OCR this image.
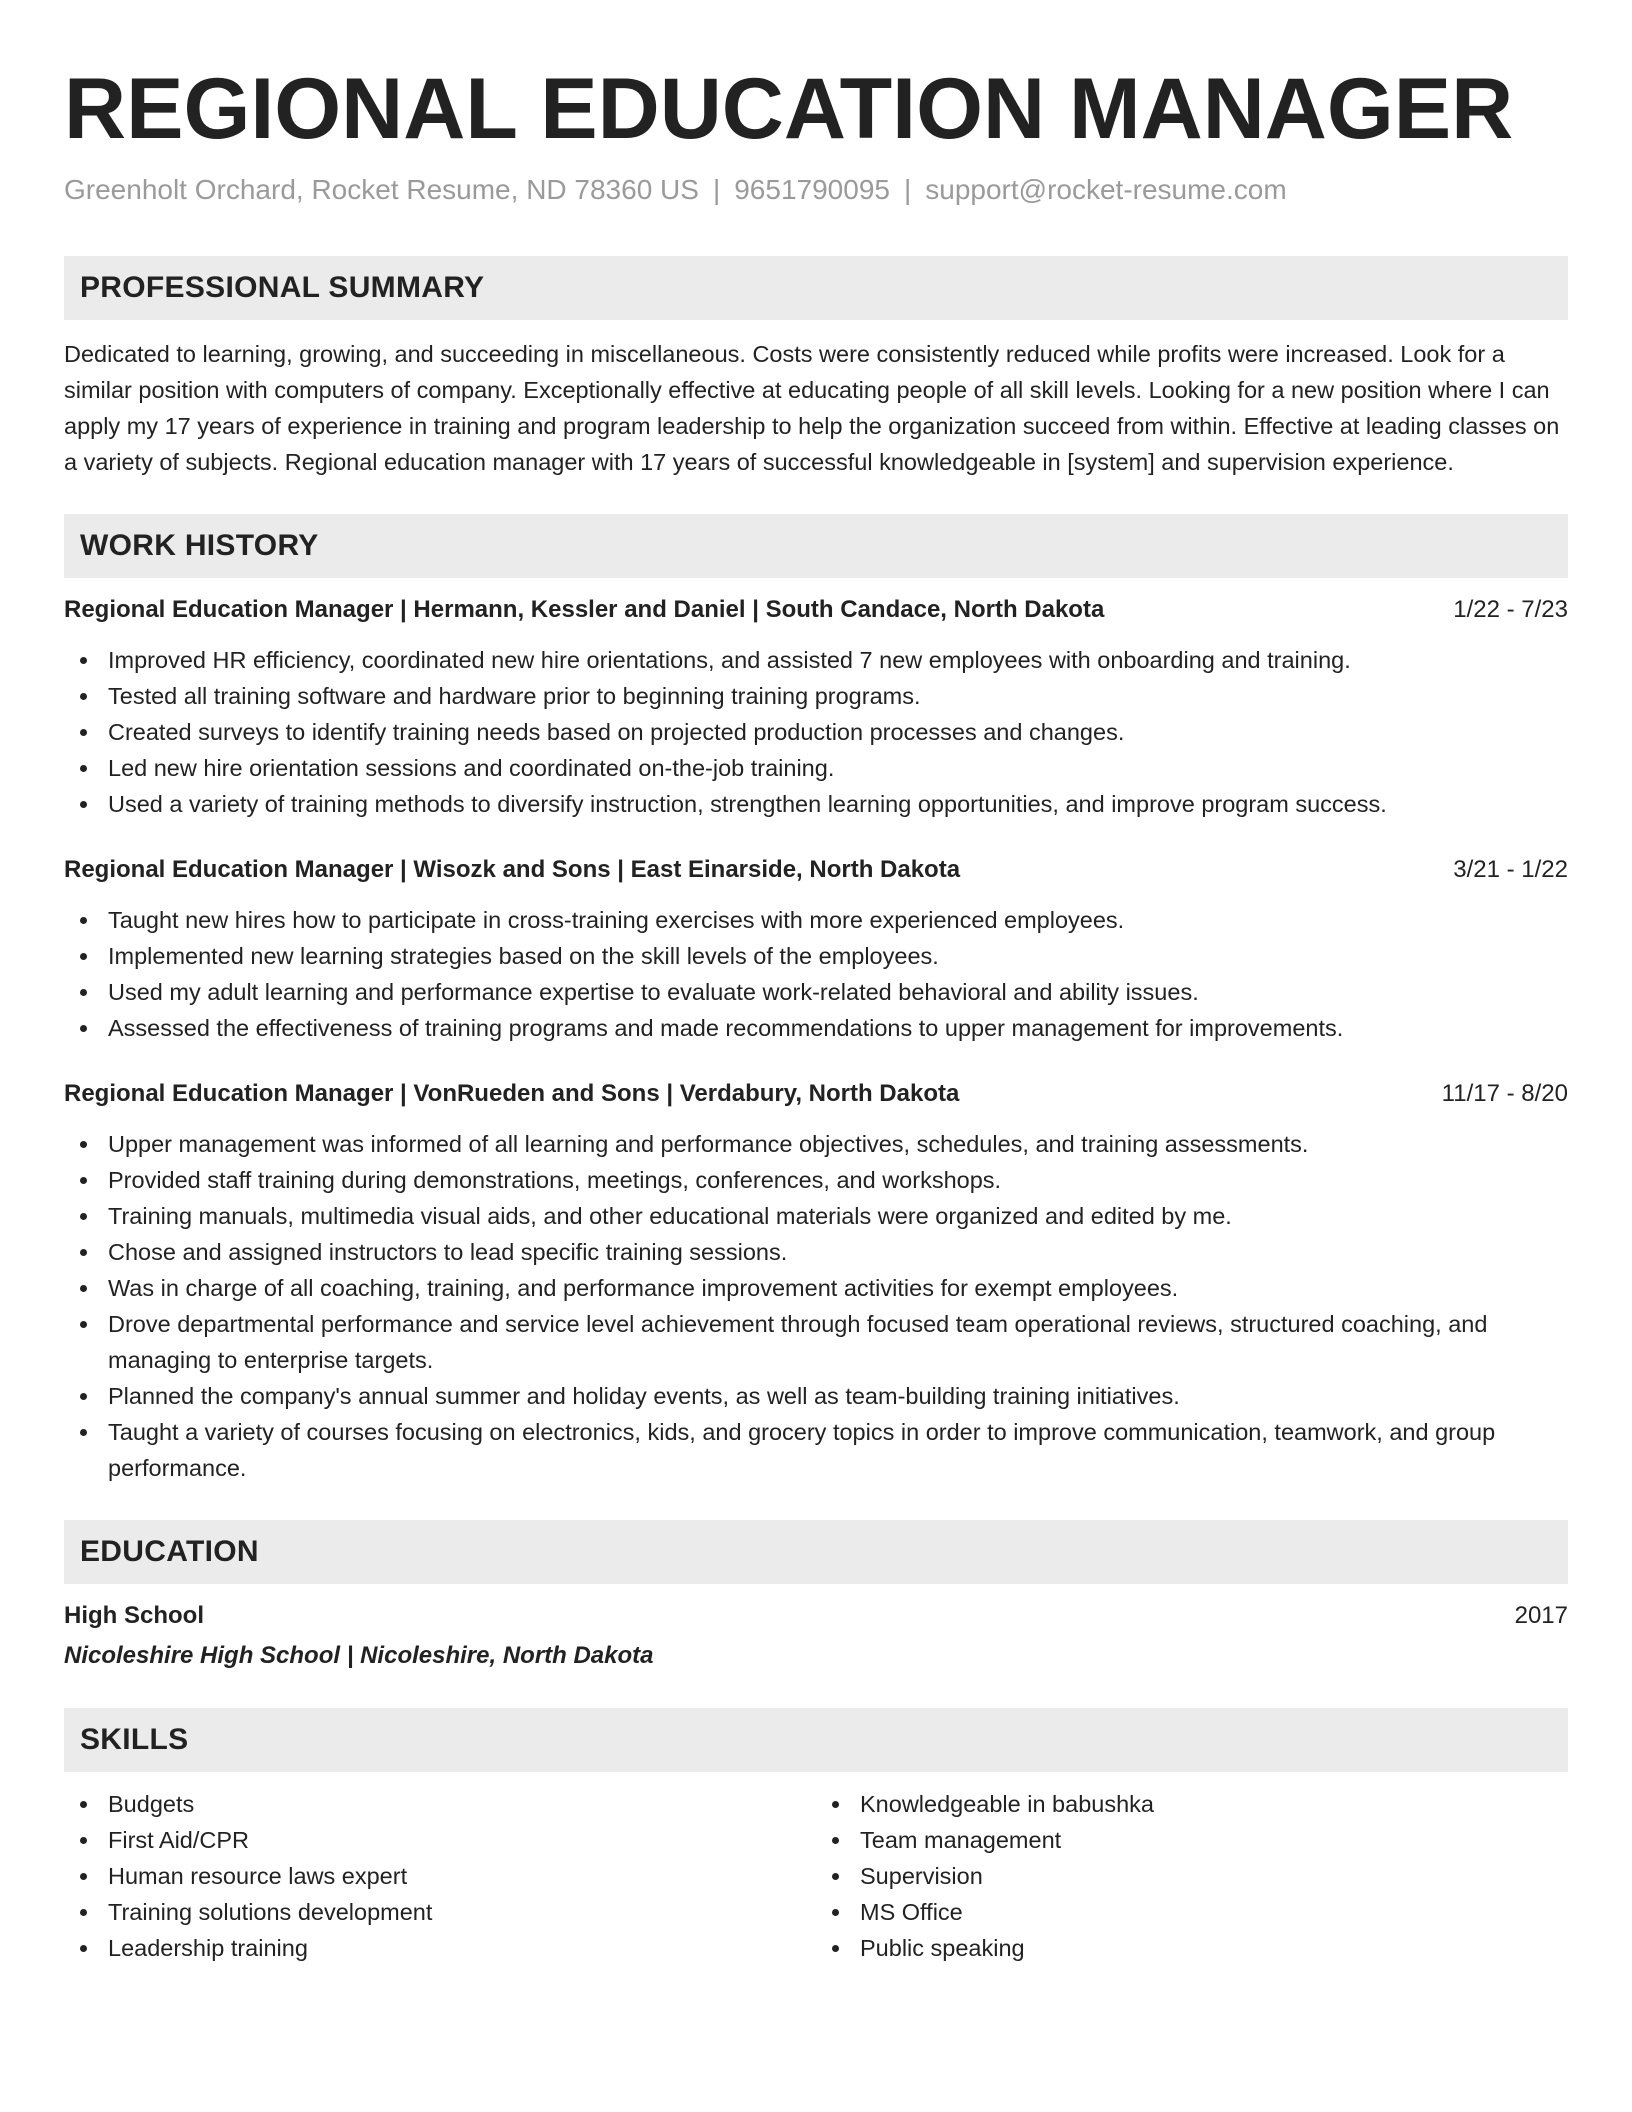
REGIONAL EDUCATION MANAGER
Greenholt Orchard, Rocket Resume, ND 78360 US | 9651790095 | support@rocket-resume.com
PROFESSIONAL SUMMARY

Dedicated to learning, growing, and succeeding in miscellaneous. Costs were consistently reduced while profits were increased. Look for a similar position with computers of company. Exceptionally effective at educating people of all skill levels. Looking for a new position where I can apply my 17 years of experience in training and program leadership to help the organization succeed from within. Effective at leading classes on a variety of subjects. Regional education manager with 17 years of successful knowledgeable in [system] and supervision experience.

WORK HISTORY
Regional Education Manager | Hermann, Kessler and Daniel | South Candace, North Dakota	1/22 - 7/23
Improved HR efficiency, coordinated new hire orientations, and assisted 7 new employees with onboarding and training.
Tested all training software and hardware prior to beginning training programs.
Created surveys to identify training needs based on projected production processes and changes.
Led new hire orientation sessions and coordinated on-the-job training.
Used a variety of training methods to diversify instruction, strengthen learning opportunities, and improve program success.
Regional Education Manager | Wisozk and Sons | East Einarside, North Dakota	3/21 - 1/22
Taught new hires how to participate in cross-training exercises with more experienced employees.
Implemented new learning strategies based on the skill levels of the employees.
Used my adult learning and performance expertise to evaluate work-related behavioral and ability issues.
Assessed the effectiveness of training programs and made recommendations to upper management for improvements.
Regional Education Manager | VonRueden and Sons | Verdabury, North Dakota	11/17 - 8/20
Upper management was informed of all learning and performance objectives, schedules, and training assessments.
Provided staff training during demonstrations, meetings, conferences, and workshops.
Training manuals, multimedia visual aids, and other educational materials were organized and edited by me.
Chose and assigned instructors to lead specific training sessions.
Was in charge of all coaching, training, and performance improvement activities for exempt employees.
Drove departmental performance and service level achievement through focused team operational reviews, structured coaching, and managing to enterprise targets.
Planned the company's annual summer and holiday events, as well as team-building training initiatives.
Taught a variety of courses focusing on electronics, kids, and grocery topics in order to improve communication, teamwork, and group performance.
EDUCATION
High School	2017
Nicoleshire High School | Nicoleshire, North Dakota
SKILLS
Budgets
First Aid/CPR
Human resource laws expert
Training solutions development
Leadership training
Knowledgeable in babushka
Team management
Supervision
MS Office
Public speaking
